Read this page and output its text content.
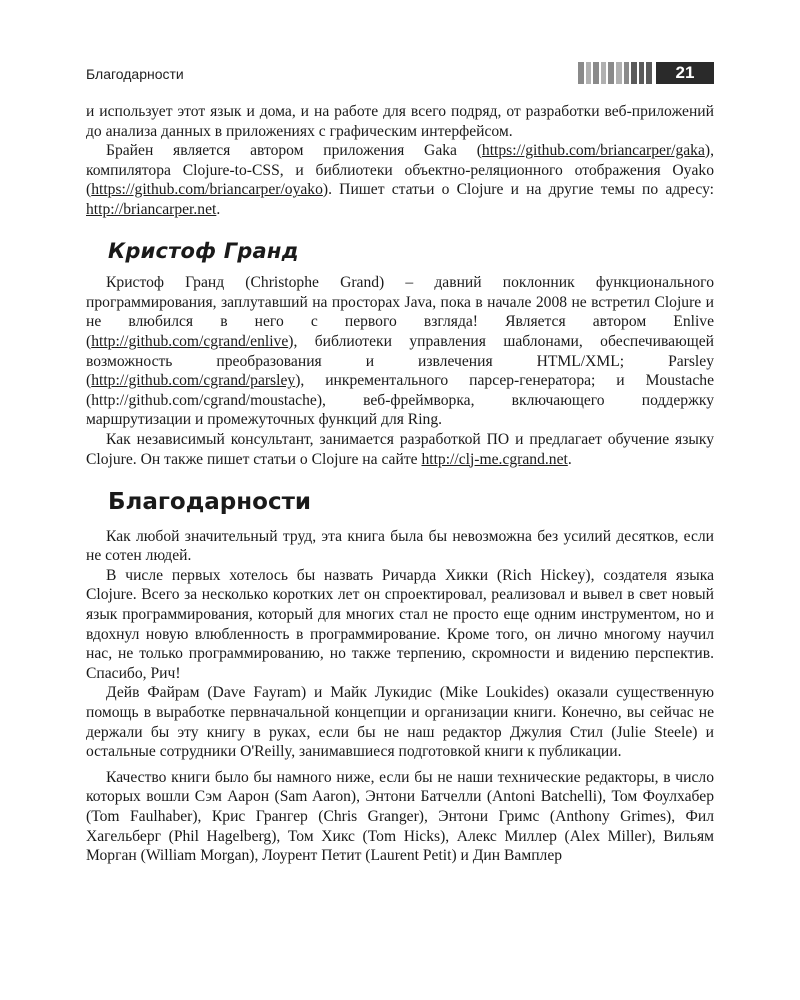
Благодарности	21

и использует этот язык и дома, и на работе для всего подряд, от разработки веб-приложений до анализа данных в приложениях с графическим интерфейсом.

Брайен является автором приложения Gaka (https://github.com/briancarper/gaka), компилятора Clojure-to-CSS, и библиотеки объектно-реляционного отображения Oyako (https://github.com/briancarper/oyako). Пишет статьи о Clojure и на другие темы по адресу: http://briancarper.net.

Кристоф Гранд

Кристоф Гранд (Christophe Grand) – давний поклонник функционального программирования, заплутавший на просторах Java, пока в начале 2008 не встретил Clojure и не влюбился в него с первого взгляда! Является автором Enlive (http://github.com/cgrand/enlive), библиотеки управления шаблонами, обеспечивающей возможность преобразования и извлечения HTML/XML; Parsley (http://github.com/cgrand/parsley), инкрементального парсер-генератора; и Moustache (http://github.com/cgrand/moustache), веб-фреймворка, включающего поддержку маршрутизации и промежуточных функций для Ring.

Как независимый консультант, занимается разработкой ПО и предлагает обучение языку Clojure. Он также пишет статьи о Clojure на сайте http://clj-me.cgrand.net.

Благодарности

Как любой значительный труд, эта книга была бы невозможна без усилий десятков, если не сотен людей.

В числе первых хотелось бы назвать Ричарда Хикки (Rich Hickey), создателя языка Clojure. Всего за несколько коротких лет он спроектировал, реализовал и вывел в свет новый язык программирования, который для многих стал не просто еще одним инструментом, но и вдохнул новую влюбленность в программирование. Кроме того, он лично многому научил нас, не только программированию, но также терпению, скромности и видению перспектив. Спасибо, Рич!

Дейв Файрам (Dave Fayram) и Майк Лукидис (Mike Loukides) оказали существенную помощь в выработке первначальной концепции и организации книги. Конечно, вы сейчас не держали бы эту книгу в руках, если бы не наш редактор Джулия Стил (Julie Steele) и остальные сотрудники O'Reilly, занимавшиеся подготовкой книги к публикации.

Качество книги было бы намного ниже, если бы не наши технические редакторы, в число которых вошли Сэм Аарон (Sam Aaron), Энтони Батчелли (Antoni Batchelli), Том Фоулхабер (Tom Faulhaber), Крис Грангер (Chris Granger), Энтони Гримс (Anthony Grimes), Фил Хагельберг (Phil Hagelberg), Том Хикс (Tom Hicks), Алекс Миллер (Alex Miller), Вильям Морган (William Morgan), Лоурент Петит (Laurent Petit) и Дин Вамплер
